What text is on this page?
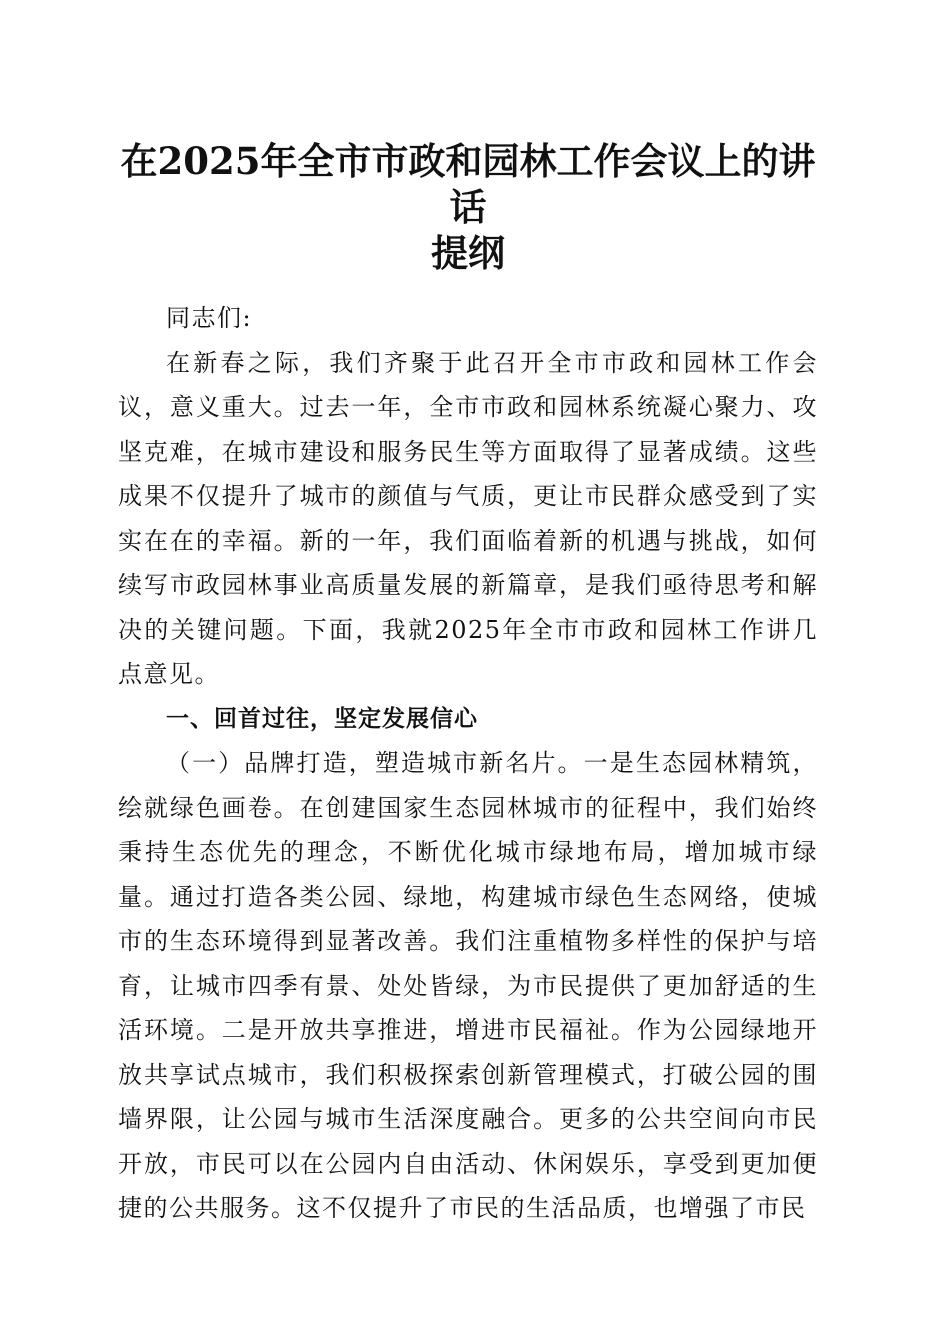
在2025年全市市政和园林工作会议上的讲话
提纲

同志们:

在新春之际，我们齐聚于此召开全市市政和园林工作会议，意义重大。过去一年，全市市政和园林系统凝心聚力、攻坚克难，在城市建设和服务民生等方面取得了显著成绩。这些成果不仅提升了城市的颜值与气质，更让市民群众感受到了实实在在的幸福。新的一年，我们面临着新的机遇与挑战，如何续写市政园林事业高质量发展的新篇章，是我们亟待思考和解决的关键问题。下面，我就2025年全市市政和园林工作讲几点意见。

一、回首过往，坚定发展信心

（一）品牌打造，塑造城市新名片。一是生态园林精筑，绘就绿色画卷。在创建国家生态园林城市的征程中，我们始终秉持生态优先的理念，不断优化城市绿地布局，增加城市绿量。通过打造各类公园、绿地，构建城市绿色生态网络，使城市的生态环境得到显著改善。我们注重植物多样性的保护与培育，让城市四季有景、处处皆绿，为市民提供了更加舒适的生活环境。二是开放共享推进，增进市民福祉。作为公园绿地开放共享试点城市，我们积极探索创新管理模式，打破公园的围墙界限，让公园与城市生活深度融合。更多的公共空间向市民开放，市民可以在公园内自由活动、休闲娱乐，享受到更加便捷的公共服务。这不仅提升了市民的生活品质，也增强了市民
